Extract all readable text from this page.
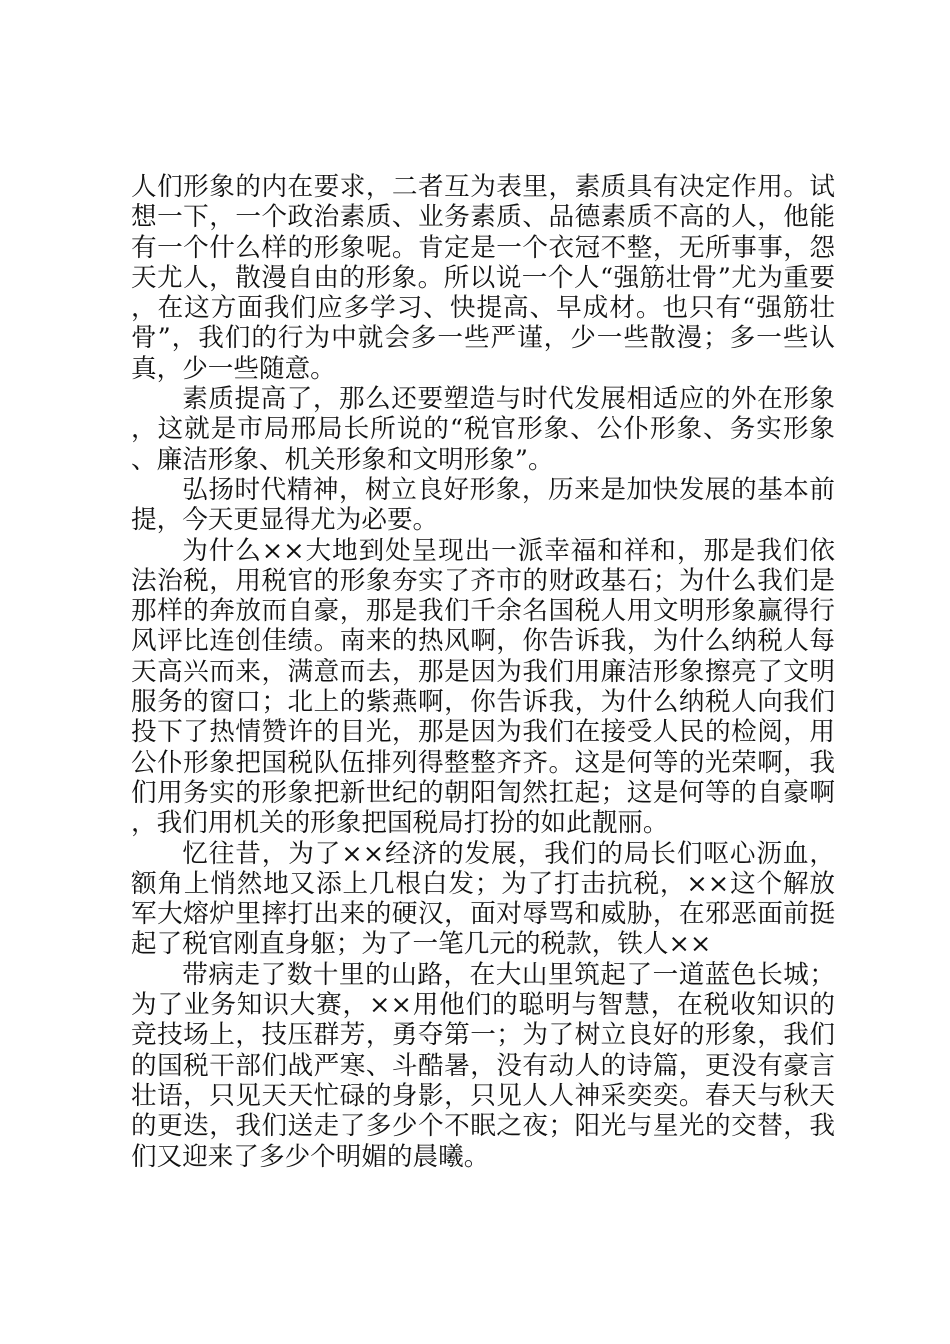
人们形象的内在要求，二者互为表里，素质具有决定作用。试想一下，一个政治素质、业务素质、品德素质不高的人，他能有一个什么样的形象呢。肯定是一个衣冠不整，无所事事，怨天尤人，散漫自由的形象。所以说一个人“强筋壮骨”尤为重要，在这方面我们应多学习、快提高、早成材。也只有“强筋壮骨”，我们的行为中就会多一些严谨，少一些散漫；多一些认真，少一些随意。

素质提高了，那么还要塑造与时代发展相适应的外在形象，这就是市局邢局长所说的“税官形象、公仆形象、务实形象、廉洁形象、机关形象和文明形象”。

弘扬时代精神，树立良好形象，历来是加快发展的基本前提，今天更显得尤为必要。

为什么××大地到处呈现出一派幸福和祥和，那是我们依法治税，用税官的形象夯实了齐市的财政基石；为什么我们是那样的奔放而自豪，那是我们千余名国税人用文明形象赢得行风评比连创佳绩。南来的热风啊，你告诉我，为什么纳税人每天高兴而来，满意而去，那是因为我们用廉洁形象擦亮了文明服务的窗口；北上的紫燕啊，你告诉我，为什么纳税人向我们投下了热情赞许的目光，那是因为我们在接受人民的检阅，用公仆形象把国税队伍排列得整整齐齐。这是何等的光荣啊，我们用务实的形象把新世纪的朝阳訇然扛起；这是何等的自豪啊，我们用机关的形象把国税局打扮的如此靓丽。

忆往昔，为了××经济的发展，我们的局长们呕心沥血，额角上悄然地又添上几根白发；为了打击抗税，××这个解放军大熔炉里摔打出来的硬汉，面对辱骂和威胁，在邪恶面前挺起了税官刚直身躯；为了一笔几元的税款，铁人××

带病走了数十里的山路，在大山里筑起了一道蓝色长城；为了业务知识大赛，××用他们的聪明与智慧，在税收知识的竞技场上，技压群芳，勇夺第一；为了树立良好的形象，我们的国税干部们战严寒、斗酷暑，没有动人的诗篇，更没有豪言壮语，只见天天忙碌的身影，只见人人神采奕奕。春天与秋天的更迭，我们送走了多少个不眠之夜；阳光与星光的交替，我们又迎来了多少个明媚的晨曦。
